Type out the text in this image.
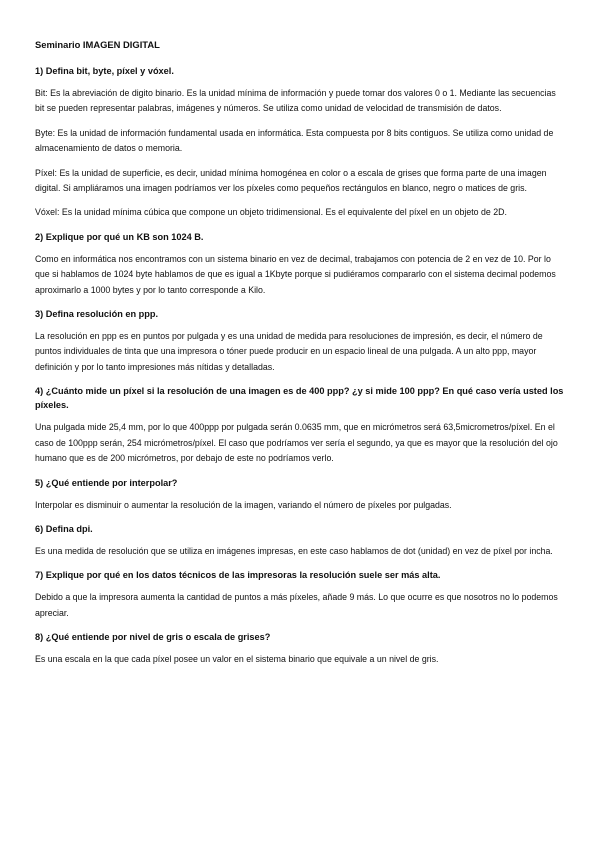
Seminario IMAGEN DIGITAL
1) Defina bit, byte, píxel y vóxel.
Bit: Es la abreviación de digito binario. Es la unidad mínima de información y puede tomar dos valores 0 o 1. Mediante las secuencias bit se pueden representar palabras, imágenes y números. Se utiliza como unidad de velocidad de transmisión de datos.
Byte: Es la unidad de información fundamental usada en informática. Esta compuesta por 8 bits contiguos. Se utiliza como unidad de almacenamiento de datos o memoria.
Píxel: Es la unidad de superficie, es decir, unidad mínima homogénea en color o a escala de grises que forma parte de una imagen digital. Si ampliáramos una imagen podríamos ver los píxeles como pequeños rectángulos en blanco, negro o matices de gris.
Vóxel: Es la unidad mínima cúbica que compone un objeto tridimensional. Es el equivalente del píxel en un objeto de 2D.
2) Explique por qué un KB son 1024 B.
Como en informática nos encontramos con un sistema binario en vez de decimal, trabajamos con potencia de 2 en vez de 10. Por lo que si hablamos de 1024 byte hablamos de que es igual a 1Kbyte porque si pudiéramos compararlo con el sistema decimal podemos aproximarlo a 1000 bytes y por lo tanto corresponde a Kilo.
3) Defina resolución en ppp.
La resolución en ppp es en puntos por pulgada y es una unidad de medida para resoluciones de impresión, es decir, el número de puntos individuales de tinta que una impresora o tóner puede producir en un espacio lineal de una pulgada. A un alto ppp, mayor definición y por lo tanto impresiones más nítidas y detalladas.
4) ¿Cuánto mide un píxel si la resolución de una imagen es de 400 ppp? ¿y si mide 100 ppp? En qué caso vería usted los píxeles.
Una pulgada mide 25,4 mm, por lo que 400ppp por pulgada serán 0.0635 mm, que en micrómetros será 63,5micrometros/píxel. En el caso de 100ppp serán, 254 micrómetros/píxel. El caso que podríamos ver sería el segundo, ya que es mayor que la resolución del ojo humano que es de 200 micrómetros, por debajo de este no podríamos verlo.
5) ¿Qué entiende por interpolar?
Interpolar es disminuir o aumentar la resolución de la imagen, variando el número de píxeles por pulgadas.
6) Defina dpi.
Es una medida de resolución que se utiliza en imágenes impresas, en este caso hablamos de dot (unidad) en vez de píxel por incha.
7) Explique por qué en los datos técnicos de las impresoras la resolución suele ser más alta.
Debido a que la impresora aumenta la cantidad de puntos a más píxeles, añade 9 más. Lo que ocurre es que nosotros no lo podemos apreciar.
8) ¿Qué entiende por nivel de gris o escala de grises?
Es una escala en la que cada píxel posee un valor en el sistema binario que equivale a un nivel de gris.
